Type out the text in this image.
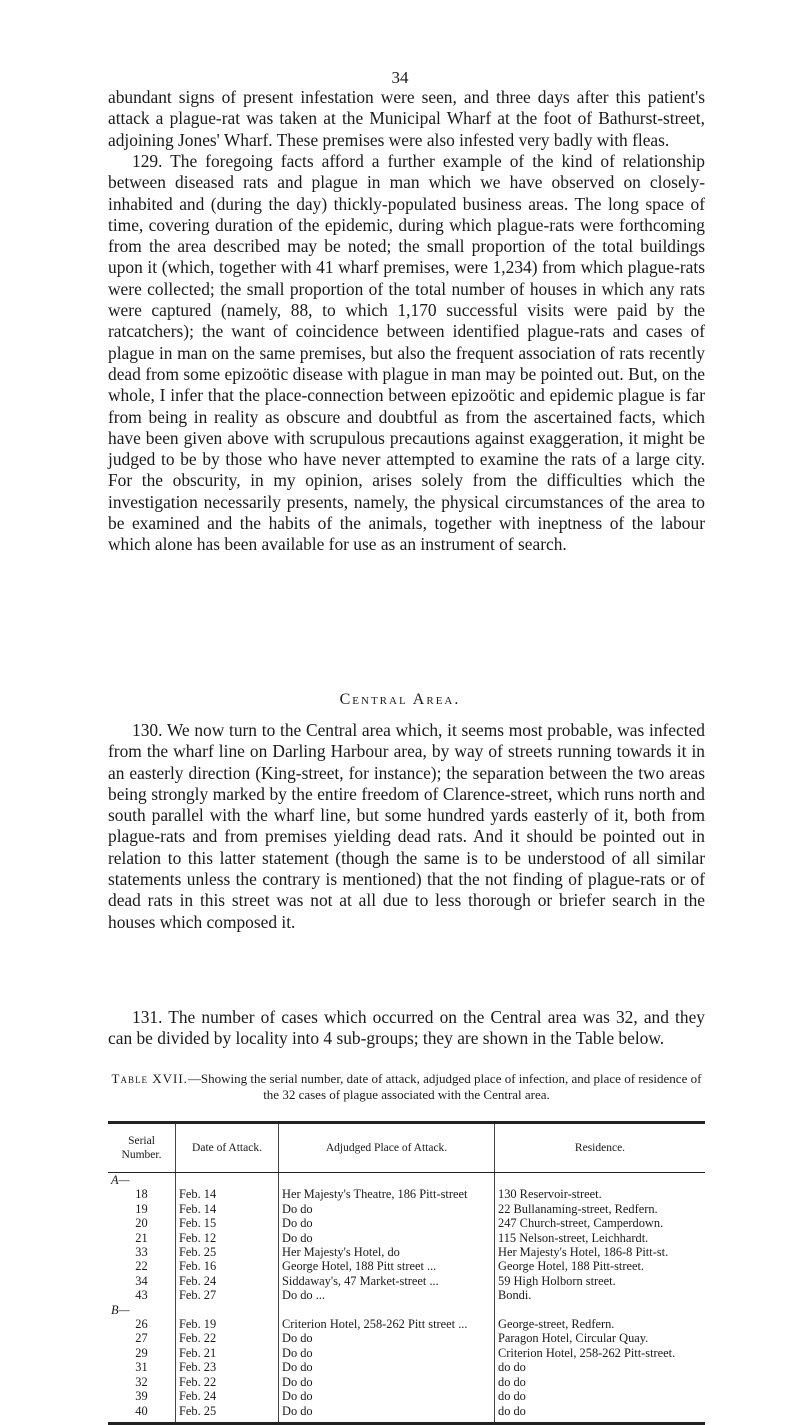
34

abundant signs of present infestation were seen, and three days after this patient's attack a plague-rat was taken at the Municipal Wharf at the foot of Bathurst-street, adjoining Jones' Wharf. These premises were also infested very badly with fleas.

129. The foregoing facts afford a further example of the kind of relationship between diseased rats and plague in man which we have observed on closely-inhabited and (during the day) thickly-populated business areas. The long space of time, covering duration of the epidemic, during which plague-rats were forthcoming from the area described may be noted; the small proportion of the total buildings upon it (which, together with 41 wharf premises, were 1,234) from which plague-rats were collected; the small proportion of the total number of houses in which any rats were captured (namely, 88, to which 1,170 successful visits were paid by the ratcatchers); the want of coincidence between identified plague-rats and cases of plague in man on the same premises, but also the frequent association of rats recently dead from some epizoötic disease with plague in man may be pointed out. But, on the whole, I infer that the place-connection between epizoötic and epidemic plague is far from being in reality as obscure and doubtful as from the ascertained facts, which have been given above with scrupulous precautions against exaggeration, it might be judged to be by those who have never attempted to examine the rats of a large city. For the obscurity, in my opinion, arises solely from the difficulties which the investigation necessarily presents, namely, the physical circumstances of the area to be examined and the habits of the animals, together with ineptness of the labour which alone has been available for use as an instrument of search.

Central Area.

130. We now turn to the Central area which, it seems most probable, was infected from the wharf line on Darling Harbour area, by way of streets running towards it in an easterly direction (King-street, for instance); the separation between the two areas being strongly marked by the entire freedom of Clarence-street, which runs north and south parallel with the wharf line, but some hundred yards easterly of it, both from plague-rats and from premises yielding dead rats. And it should be pointed out in relation to this latter statement (though the same is to be understood of all similar statements unless the contrary is mentioned) that the not finding of plague-rats or of dead rats in this street was not at all due to less thorough or briefer search in the houses which composed it.

131. The number of cases which occurred on the Central area was 32, and they can be divided by locality into 4 sub-groups; they are shown in the Table below.

Table XVII.—Showing the serial number, date of attack, adjudged place of infection, and place of residence of the 32 cases of plague associated with the Central area.

Serial Number.	Date of Attack.	Adjudged Place of Attack.	Residence.
A—			
18	Feb. 14	Her Majesty's Theatre, 186 Pitt-street	130 Reservoir-street.
19	Feb. 14	Do do	22 Bullanaming-street, Redfern.
20	Feb. 15	Do do	247 Church-street, Camperdown.
21	Feb. 12	Do do	115 Nelson-street, Leichhardt.
33	Feb. 25	Her Majesty's Hotel, do	Her Majesty's Hotel, 186-8 Pitt-st.
22	Feb. 16	George Hotel, 188 Pitt street ...	George Hotel, 188 Pitt-street.
34	Feb. 24	Siddaway's, 47 Market-street ...	59 High Holborn street.
43	Feb. 27	Do do ...	Bondi.
B—			
26	Feb. 19	Criterion Hotel, 258-262 Pitt street ...	George-street, Redfern.
27	Feb. 22	Do do	Paragon Hotel, Circular Quay.
29	Feb. 21	Do do	Criterion Hotel, 258-262 Pitt-street.
31	Feb. 23	Do do	do do
32	Feb. 22	Do do	do do
39	Feb. 24	Do do	do do
40	Feb. 25	Do do	do do
